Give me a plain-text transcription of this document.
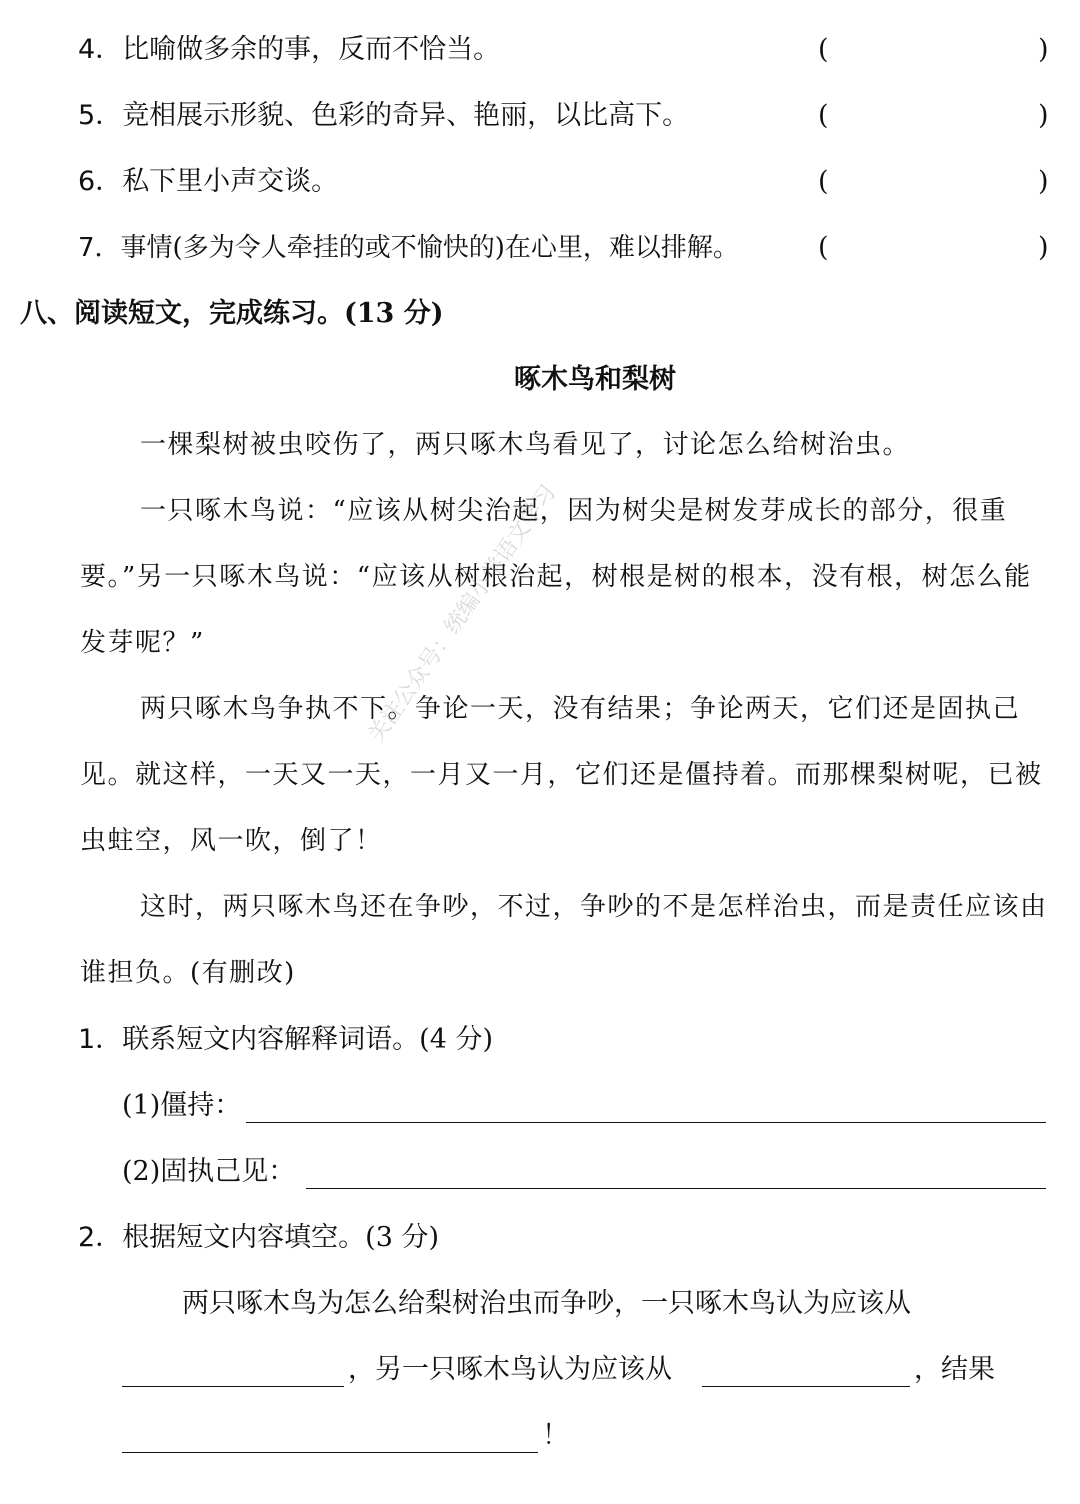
4．比喻做多余的事，反而不恰当。	(	)
5．竞相展示形貌、色彩的奇异、艳丽，以比高下。	(	)
6．私下里小声交谈。	(	)
7．事情(多为令人牵挂的或不愉快的)在心里，难以排解。	(	)
八、阅读短文，完成练习。(13 分)
啄木鸟和梨树

一棵梨树被虫咬伤了，两只啄木鸟看见了，讨论怎么给树治虫。

一只啄木鸟说：“应该从树尖治起，因为树尖是树发芽成长的部分，很重要。”另一只啄木鸟说：“应该从树根治起，树根是树的根本，没有根，树怎么能发芽呢？”

两只啄木鸟争执不下。争论一天，没有结果；争论两天，它们还是固执己见。就这样，一天又一天，一月又一月，它们还是僵持着。而那棵梨树呢，已被虫蛀空，风一吹，倒了！

这时，两只啄木鸟还在争吵，不过，争吵的不是怎样治虫，而是责任应该由谁担负。(有删改)

关注公众号：统编小学语文学习
1．联系短文内容解释词语。(4 分)
(1)僵持：
(2)固执己见：
2．根据短文内容填空。(3 分)
两只啄木鸟为怎么给梨树治虫而争吵，一只啄木鸟认为应该从
，另一只啄木鸟认为应该从	，结果
！
